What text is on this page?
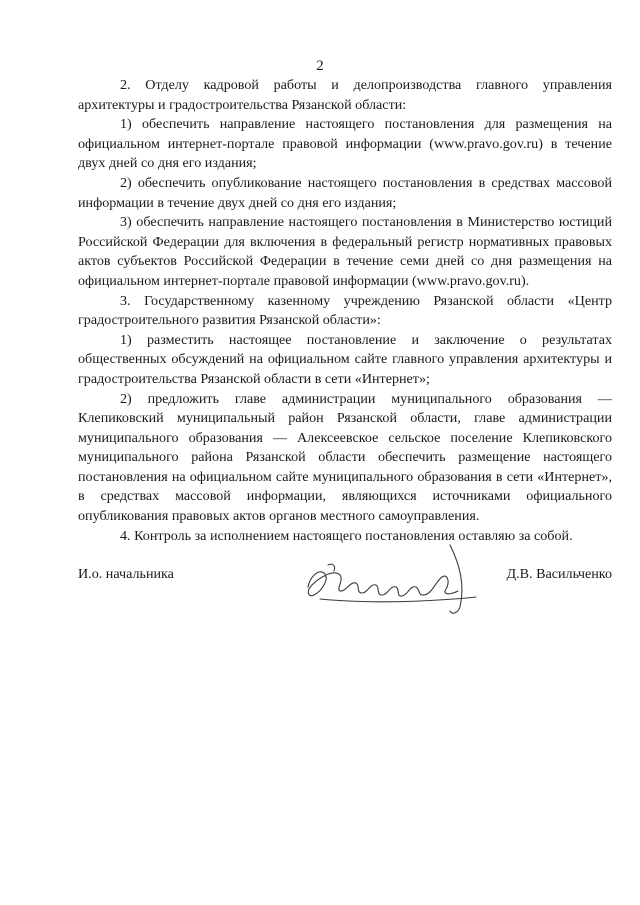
2

2. Отделу кадровой работы и делопроизводства главного управления архитектуры и градостроительства Рязанской области:

1) обеспечить направление настоящего постановления для размещения на официальном интернет-портале правовой информации (www.pravo.gov.ru) в течение двух дней со дня его издания;

2) обеспечить опубликование настоящего постановления в средствах массовой информации в течение двух дней со дня его издания;

3) обеспечить направление настоящего постановления в Министерство юстиций Российской Федерации для включения в федеральный регистр нормативных правовых актов субъектов Российской Федерации в течение семи дней со дня размещения на официальном интернет-портале правовой информации (www.pravo.gov.ru).

3. Государственному казенному учреждению Рязанской области «Центр градостроительного развития Рязанской области»:

1) разместить настоящее постановление и заключение о результатах общественных обсуждений на официальном сайте главного управления архитектуры и градостроительства Рязанской области в сети «Интернет»;

2) предложить главе администрации муниципального образования — Клепиковский муниципальный район Рязанской области, главе администрации муниципального образования — Алексеевское сельское поселение Клепиковского муниципального района Рязанской области обеспечить размещение настоящего постановления на официальном сайте муниципального образования в сети «Интернет», в средствах массовой информации, являющихся источниками официального опубликования правовых актов органов местного самоуправления.

4. Контроль за исполнением настоящего постановления оставляю за собой.

И.о. начальника	Д.В. Васильченко
